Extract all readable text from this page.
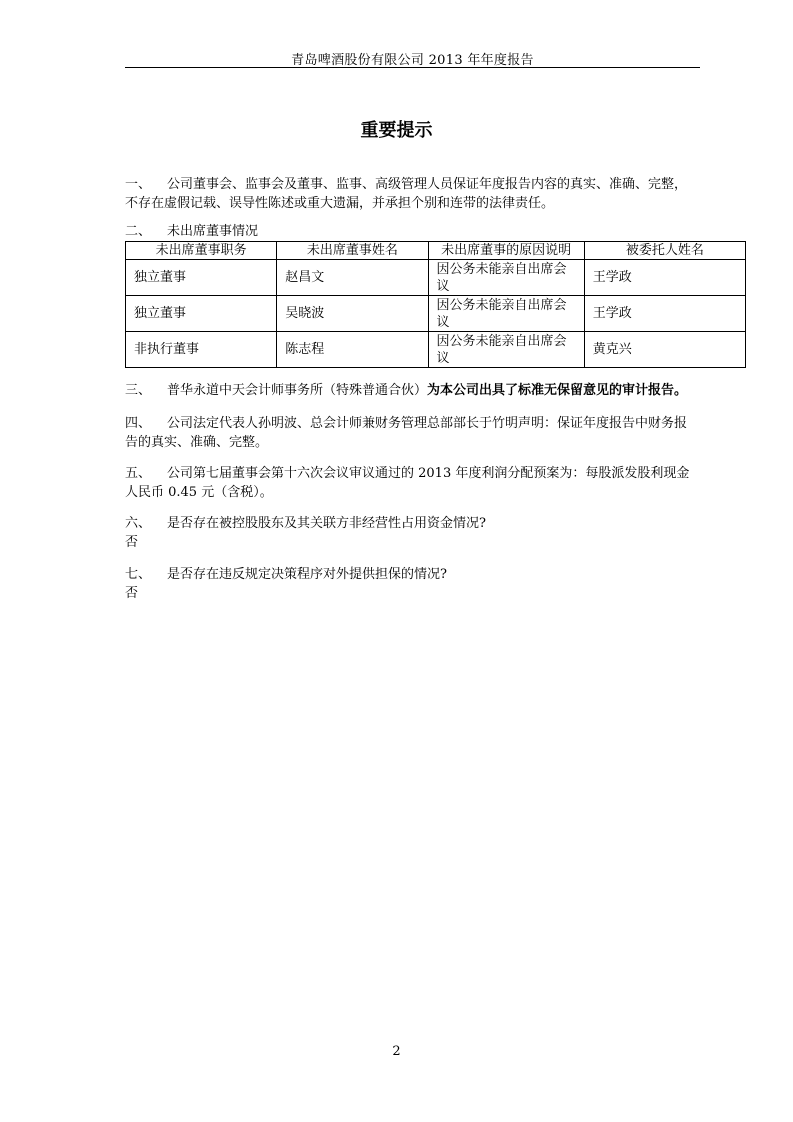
青岛啤酒股份有限公司 2013 年年度报告
重要提示
一、 公司董事会、监事会及董事、监事、高级管理人员保证年度报告内容的真实、准确、完整，
不存在虚假记载、误导性陈述或重大遗漏，并承担个别和连带的法律责任。
二、 未出席董事情况
未出席董事职务	未出席董事姓名	未出席董事的原因说明	被委托人姓名
独立董事	赵昌文	因公务未能亲自出席会议	王学政
独立董事	吴晓波	因公务未能亲自出席会议	王学政
非执行董事	陈志程	因公务未能亲自出席会议	黄克兴
三、 普华永道中天会计师事务所（特殊普通合伙）为本公司出具了标准无保留意见的审计报告。
四、 公司法定代表人孙明波、总会计师兼财务管理总部部长于竹明声明：保证年度报告中财务报
告的真实、准确、完整。
五、 公司第七届董事会第十六次会议审议通过的 2013 年度利润分配预案为：每股派发股利现金
人民币 0.45 元（含税）。
六、 是否存在被控股股东及其关联方非经营性占用资金情况?
否
七、 是否存在违反规定决策程序对外提供担保的情况?
否
2
